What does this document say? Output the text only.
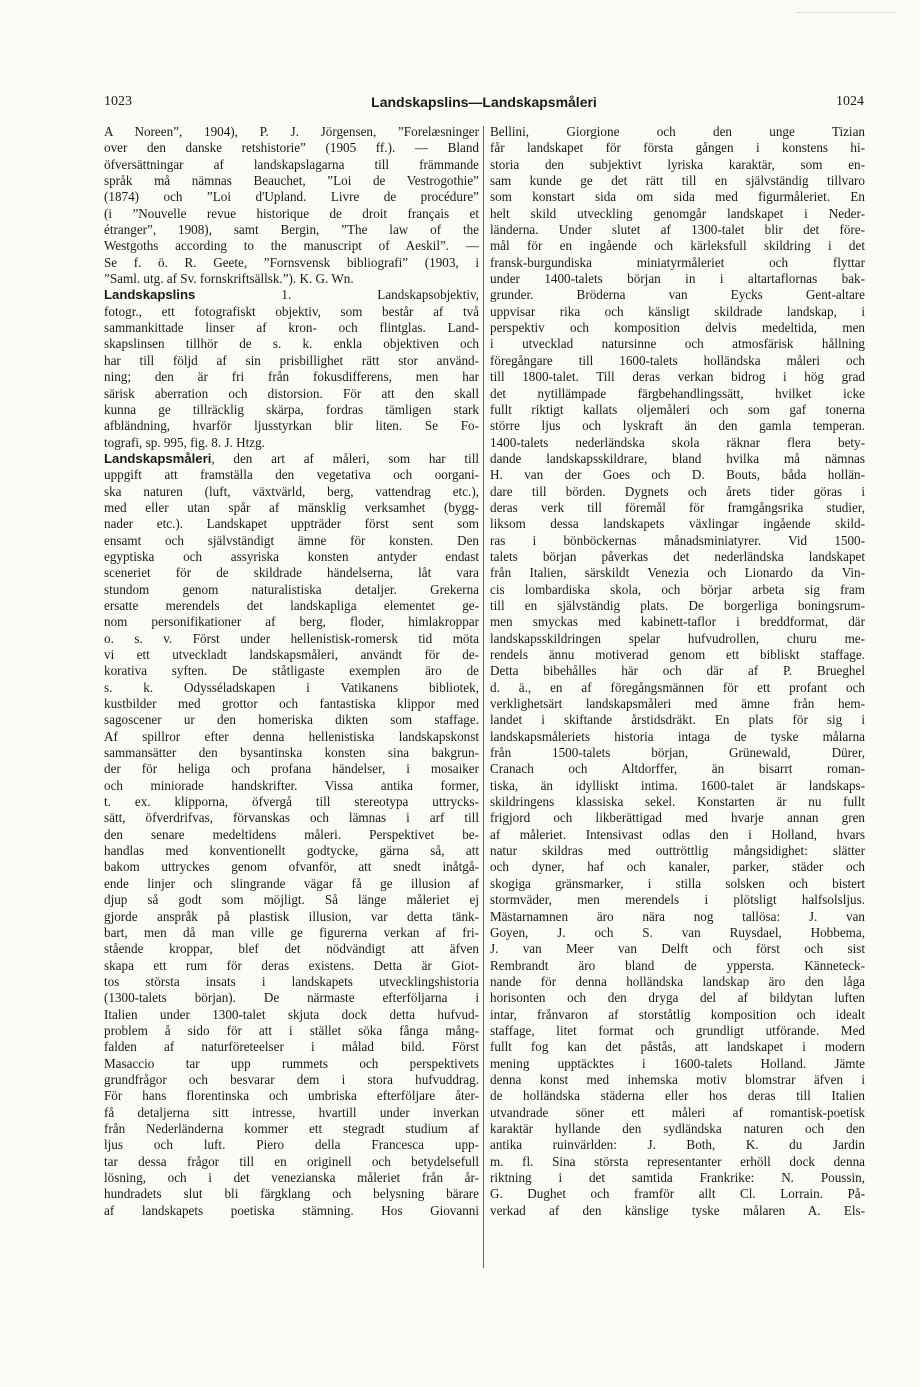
1023	Landskapslins—Landskapsmåleri	1024
A Noreen”, 1904), P. J. Jörgensen, ”Forelæsninger
over den danske retshistorie” (1905 ff.). — Bland
öfversättningar af landskapslagarna till främmande
språk må nämnas Beauchet, ”Loi de Vestrogothie”
(1874) och ”Loi d'Upland. Livre de procédure”
(i ”Nouvelle revue historique de droit français et
étranger”, 1908), samt Bergin, ”The law of the
Westgoths according to the manuscript of Aeskil”. —
Se f. ö. R. Geete, ”Fornsvensk bibliografi” (1903, i
”Saml. utg. af Sv. fornskriftsällsk.”). K. G. Wn.
Landskapslins 1. Landskapsobjektiv,
fotogr., ett fotografiskt objektiv, som består af två
sammankittade linser af kron- och flintglas. Land-
skapslinsen tillhör de s. k. enkla objektiven och
har till följd af sin prisbillighet rätt stor använd-
ning; den är fri från fokusdifferens, men har
särisk aberration och distorsion. För att den skall
kunna ge tillräcklig skärpa, fordras tämligen stark
afbländning, hvarför ljusstyrkan blir liten. Se Fo-
tografi, sp. 995, fig. 8. J. Htzg.
Landskapsmåleri, den art af måleri, som har till
uppgift att framställa den vegetativa och oorgani-
ska naturen (luft, växtvärld, berg, vattendrag etc.),
med eller utan spår af mänsklig verksamhet (bygg-
nader etc.). Landskapet uppträder först sent som
ensamt och självständigt ämne för konsten. Den
egyptiska och assyriska konsten antyder endast
sceneriet för de skildrade händelserna, låt vara
stundom genom naturalistiska detaljer. Grekerna
ersatte merendels det landskapliga elementet ge-
nom personifikationer af berg, floder, himlakroppar
o. s. v. Först under hellenistisk-romersk tid möta
vi ett utveckladt landskapsmåleri, användt för de-
korativa syften. De ståtligaste exemplen äro de
s. k. Odysséladskapen i Vatikanens bibliotek,
kustbilder med grottor och fantastiska klippor med
sagoscener ur den homeriska dikten som staffage.
Af spillror efter denna hellenistiska landskapskonst
sammansätter den bysantinska konsten sina bakgrun-
der för heliga och profana händelser, i mosaiker
och miniorade handskrifter. Vissa antika former,
t. ex. klipporna, öfvergå till stereotypa uttrycks-
sätt, öfverdrifvas, förvanskas och lämnas i arf till
den senare medeltidens måleri. Perspektivet be-
handlas med konventionellt godtycke, gärna så, att
bakom uttryckes genom ofvanför, att snedt inåtgå-
ende linjer och slingrande vägar få ge illusion af
djup så godt som möjligt. Så länge måleriet ej
gjorde anspråk på plastisk illusion, var detta tänk-
bart, men då man ville ge figurerna verkan af fri-
stående kroppar, blef det nödvändigt att äfven
skapa ett rum för deras existens. Detta är Giot-
tos största insats i landskapets utvecklingshistoria
(1300-talets början). De närmaste efterföljarna i
Italien under 1300-talet skjuta dock detta hufvud-
problem å sido för att i stället söka fånga mång-
falden af naturföreteelser i målad bild. Först
Masaccio tar upp rummets och perspektivets
grundfrågor och besvarar dem i stora hufvuddrag.
För hans florentinska och umbriska efterföljare åter-
få detaljerna sitt intresse, hvartill under inverkan
från Nederländerna kommer ett stegradt studium af
ljus och luft. Piero della Francesca upp-
tar dessa frågor till en originell och betydelsefull
lösning, och i det venezianska måleriet från år-
hundradets slut bli färgklang och belysning bärare
af landskapets poetiska stämning. Hos Giovanni
Bellini, Giorgione och den unge Tizian
får landskapet för första gången i konstens hi-
storia den subjektivt lyriska karaktär, som en-
sam kunde ge det rätt till en självständig tillvaro
som konstart sida om sida med figurmåleriet. En
helt skild utveckling genomgår landskapet i Neder-
länderna. Under slutet af 1300-talet blir det före-
mål för en ingående och kärleksfull skildring i det
fransk-burgundiska miniatyrmåleriet och flyttar
under 1400-talets början in i altartaflornas bak-
grunder. Bröderna van Eycks Gent-altare
uppvisar rika och känsligt skildrade landskap, i
perspektiv och komposition delvis medeltida, men
i utvecklad natursinne och atmosfärisk hållning
föregångare till 1600-talets holländska måleri och
till 1800-talet. Till deras verkan bidrog i hög grad
det nytillämpade färgbehandlingssätt, hvilket icke
fullt riktigt kallats oljemåleri och som gaf tonerna
större ljus och lyskraft än den gamla temperan.
1400-talets nederländska skola räknar flera bety-
dande landskapsskildrare, bland hvilka må nämnas
H. van der Goes och D. Bouts, båda hollän-
dare till börden. Dygnets och årets tider göras i
deras verk till föremål för framgångsrika studier,
liksom dessa landskapets växlingar ingående skild-
ras i bönböckernas månadsminiatyrer. Vid 1500-
talets början påverkas det nederländska landskapet
från Italien, särskildt Venezia och Lionardo da Vin-
cis lombardiska skola, och börjar arbeta sig fram
till en självständig plats. De borgerliga boningsrum-
men smyckas med kabinett-taflor i breddformat, där
landskapsskildringen spelar hufvudrollen, churu me-
rendels ännu motiverad genom ett bibliskt staffage.
Detta bibehålles här och där af P. Brueghel
d. ä., en af föregångsmännen för ett profant och
verklighetsärt landskapsmåleri med ämne från hem-
landet i skiftande årstidsdräkt. En plats för sig i
landskapsmåleriets historia intaga de tyske målarna
från 1500-talets början, Grünewald, Dürer,
Cranach och Altdorffer, än bisarrt roman-
tiska, än idylliskt intima. 1600-talet är landskaps-
skildringens klassiska sekel. Konstarten är nu fullt
frigjord och likberättigad med hvarje annan gren
af måleriet. Intensivast odlas den i Holland, hvars
natur skildras med outtröttlig mångsidighet: slätter
och dyner, haf och kanaler, parker, städer och
skogiga gränsmarker, i stilla solsken och bistert
stormväder, men merendels i plötsligt halfsolsljus.
Mästarnamnen äro nära nog tallösa: J. van
Goyen, J. och S. van Ruysdael, Hobbema,
J. van Meer van Delft och först och sist
Rembrandt äro bland de yppersta. Känneteck-
nande för denna holländska landskap äro den låga
horisonten och den dryga del af bildytan luften
intar, frånvaron af storståtlig komposition och idealt
staffage, litet format och grundligt utförande. Med
fullt fog kan det påstås, att landskapet i modern
mening upptäcktes i 1600-talets Holland. Jämte
denna konst med inhemska motiv blomstrar äfven i
de holländska städerna eller hos deras till Italien
utvandrade söner ett måleri af romantisk-poetisk
karaktär hyllande den sydländska naturen och den
antika ruinvärlden: J. Both, K. du Jardin
m. fl. Sina största representanter erhöll dock denna
riktning i det samtida Frankrike: N. Poussin,
G. Dughet och framför allt Cl. Lorrain. På-
verkad af den känslige tyske målaren A. Els-
